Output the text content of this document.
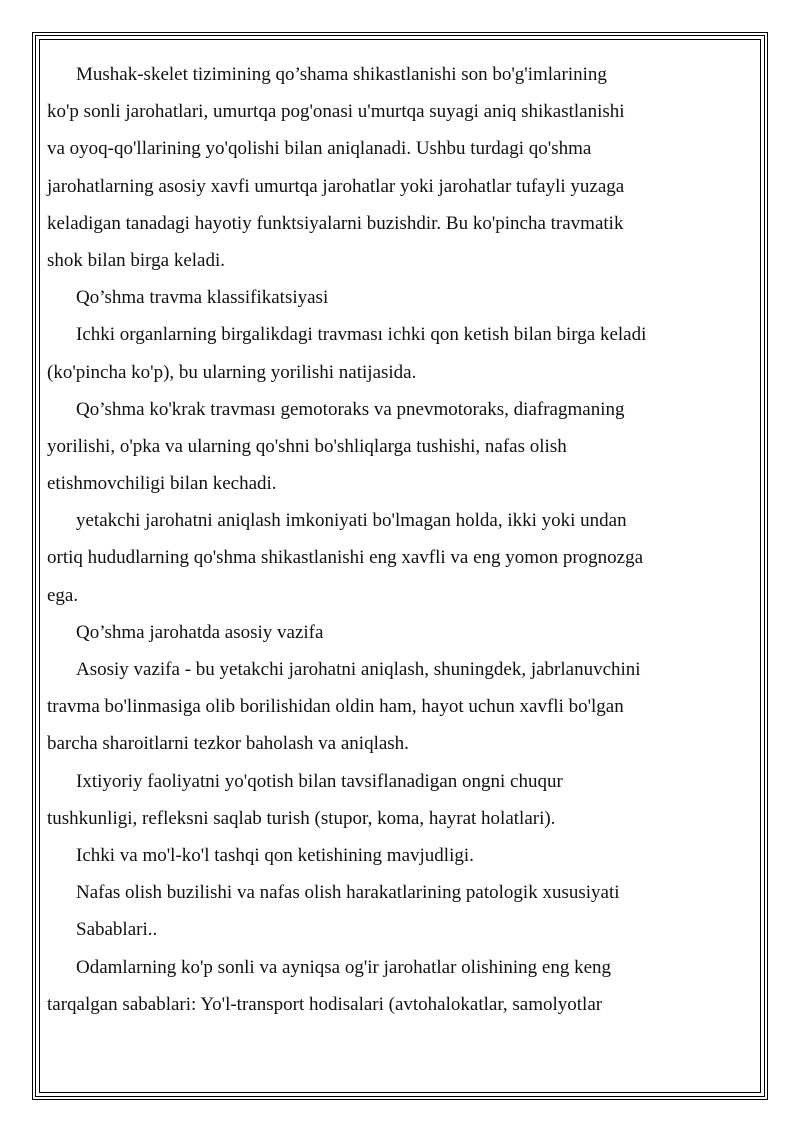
Mushak-skelet tizimining qo’shama shikastlanishi son bo'g'imlarining
ko'p sonli jarohatlari, umurtqa pog'onasi u'murtqa suyagi aniq shikastlanishi
va oyoq-qo'llarining yo'qolishi bilan aniqlanadi. Ushbu turdagi qo'shma
jarohatlarning asosiy xavfi umurtqa jarohatlar yoki jarohatlar tufayli yuzaga
keladigan tanadagi hayotiy funktsiyalarni buzishdir. Bu ko'pincha travmatik
shok bilan birga keladi.
Qo’shma travma klassifikatsiyasi
Ichki organlarning birgalikdagi travması ichki qon ketish bilan birga keladi
(ko'pincha ko'p), bu ularning yorilishi natijasida.
Qo’shma ko'krak travması gemotoraks va pnevmotoraks, diafragmaning
yorilishi, o'pka va ularning qo'shni bo'shliqlarga tushishi, nafas olish
etishmovchiligi bilan kechadi.
yetakchi jarohatni aniqlash imkoniyati bo'lmagan holda, ikki yoki undan
ortiq hududlarning qo'shma shikastlanishi eng xavfli va eng yomon prognozga
ega.
Qo’shma jarohatda asosiy vazifa
Asosiy vazifa - bu yetakchi jarohatni aniqlash, shuningdek, jabrlanuvchini
travma bo'linmasiga olib borilishidan oldin ham, hayot uchun xavfli bo'lgan
barcha sharoitlarni tezkor baholash va aniqlash.
Ixtiyoriy faoliyatni yo'qotish bilan tavsiflanadigan ongni chuqur
tushkunligi, refleksni saqlab turish (stupor, koma, hayrat holatlari).
Ichki va mo'l-ko'l tashqi qon ketishining mavjudligi.
Nafas olish buzilishi va nafas olish harakatlarining patologik xususiyati
Sabablari..
Odamlarning ko'p sonli va ayniqsa og'ir jarohatlar olishining eng keng
tarqalgan sabablari: Yo'l-transport hodisalari (avtohalokatlar, samolyotlar
